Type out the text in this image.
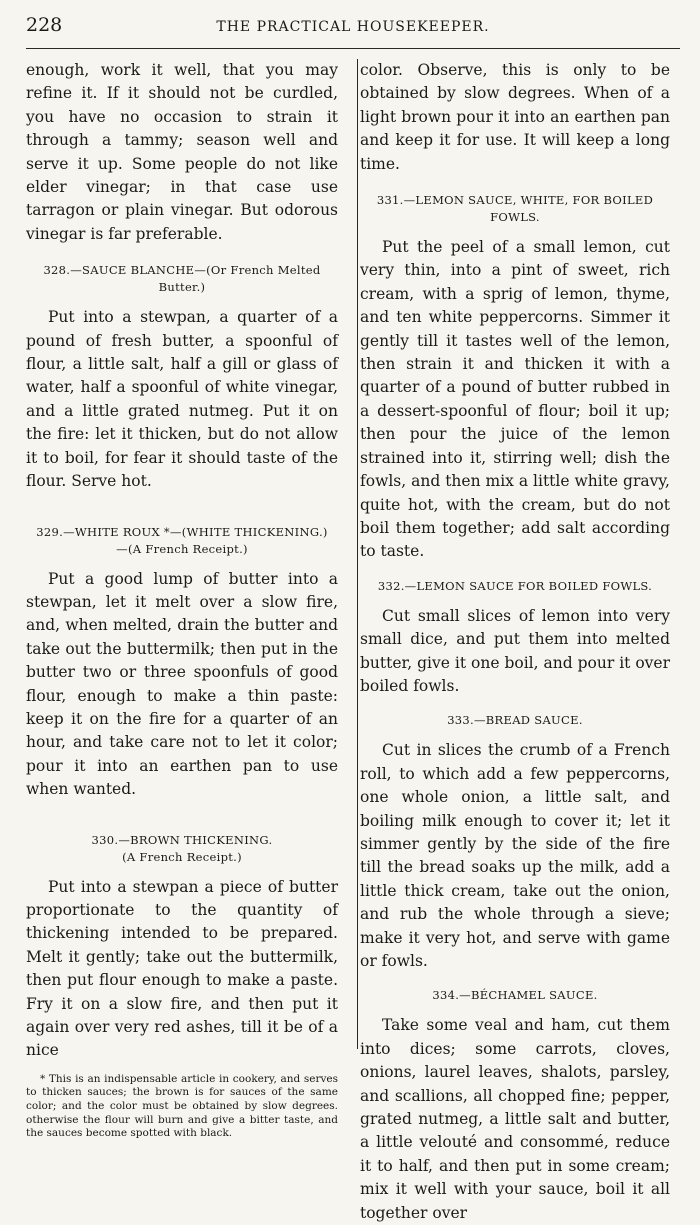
228	THE PRACTICAL HOUSEKEEPER.

enough, work it well, that you may refine it. If it should not be curdled, you have no occasion to strain it through a tammy; season well and serve it up. Some people do not like elder vinegar; in that case use tarragon or plain vinegar. But odorous vinegar is far preferable.

328.—SAUCE BLANCHE—(Or French Melted Butter.)

Put into a stewpan, a quarter of a pound of fresh butter, a spoonful of flour, a little salt, half a gill or glass of water, half a spoonful of white vinegar, and a little grated nutmeg. Put it on the fire: let it thicken, but do not allow it to boil, for fear it should taste of the flour. Serve hot.

329.—WHITE ROUX *—(WHITE THICKENING.)—(A French Receipt.)

Put a good lump of butter into a stewpan, let it melt over a slow fire, and, when melted, drain the butter and take out the buttermilk; then put in the butter two or three spoonfuls of good flour, enough to make a thin paste: keep it on the fire for a quarter of an hour, and take care not to let it color; pour it into an earthen pan to use when wanted.

330.—BROWN THICKENING.
(A French Receipt.)

Put into a stewpan a piece of butter proportionate to the quantity of thickening intended to be prepared. Melt it gently; take out the buttermilk, then put flour enough to make a paste. Fry it on a slow fire, and then put it again over very red ashes, till it be of a nice

* This is an indispensable article in cookery, and serves to thicken sauces; the brown is for sauces of the same color; and the color must be obtained by slow degrees. otherwise the flour will burn and give a bitter taste, and the sauces become spotted with black.

color. Observe, this is only to be obtained by slow degrees. When of a light brown pour it into an earthen pan and keep it for use. It will keep a long time.

331.—LEMON SAUCE, WHITE, FOR BOILED FOWLS.

Put the peel of a small lemon, cut very thin, into a pint of sweet, rich cream, with a sprig of lemon, thyme, and ten white peppercorns. Simmer it gently till it tastes well of the lemon, then strain it and thicken it with a quarter of a pound of butter rubbed in a dessert-spoonful of flour; boil it up; then pour the juice of the lemon strained into it, stirring well; dish the fowls, and then mix a little white gravy, quite hot, with the cream, but do not boil them together; add salt according to taste.

332.—LEMON SAUCE FOR BOILED FOWLS.

Cut small slices of lemon into very small dice, and put them into melted butter, give it one boil, and pour it over boiled fowls.

333.—BREAD SAUCE.

Cut in slices the crumb of a French roll, to which add a few peppercorns, one whole onion, a little salt, and boiling milk enough to cover it; let it simmer gently by the side of the fire till the bread soaks up the milk, add a little thick cream, take out the onion, and rub the whole through a sieve; make it very hot, and serve with game or fowls.

334.—BÉCHAMEL SAUCE.

Take some veal and ham, cut them into dices; some carrots, cloves, onions, laurel leaves, shalots, parsley, and scallions, all chopped fine; pepper, grated nutmeg, a little salt and butter, a little velouté and consommé, reduce it to half, and then put in some cream; mix it well with your sauce, boil it all together over
